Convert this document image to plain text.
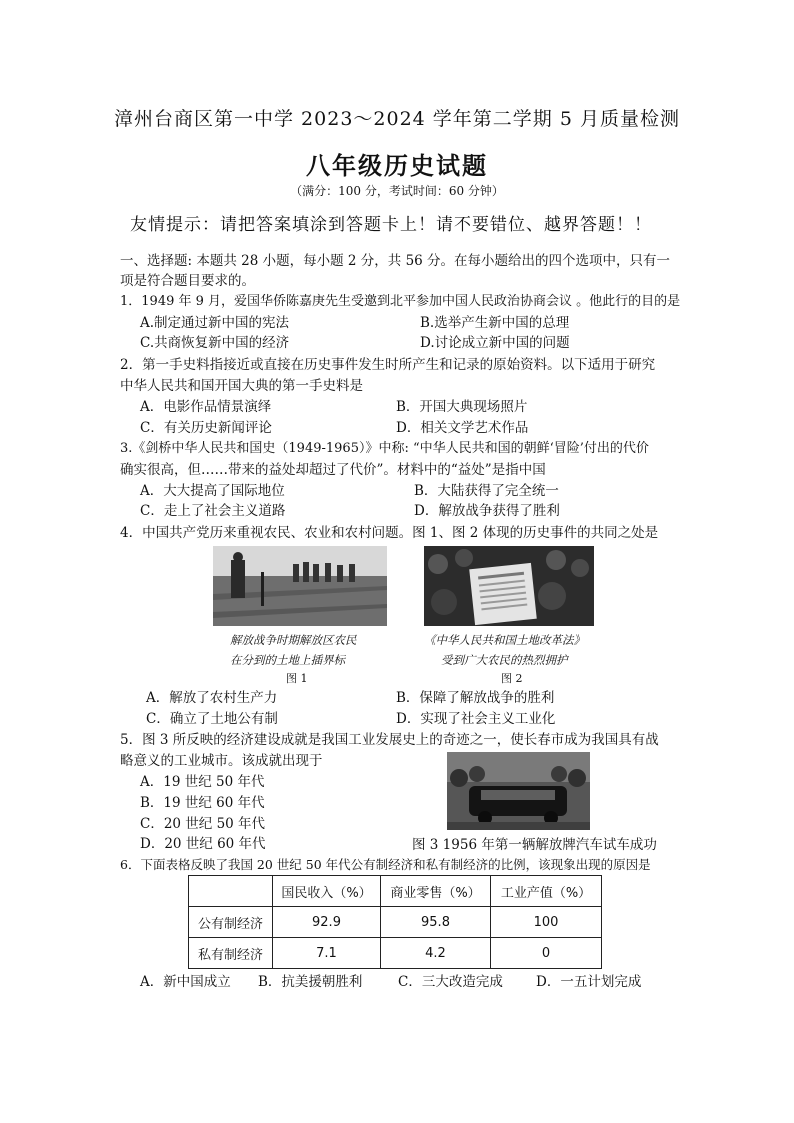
漳州台商区第一中学 2023～2024 学年第二学期 5 月质量检测
八年级历史试题
（满分：100 分，考试时间：60 分钟）
友情提示：请把答案填涂到答题卡上！请不要错位、越界答题！！
一、选择题: 本题共 28 小题，每小题 2 分，共 56 分。在每小题给出的四个选项中，只有一
项是符合题目要求的。
1．1949 年 9 月，爱国华侨陈嘉庚先生受邀到北平参加中国人民政治协商会议 。他此行的目的是
A.制定通过新中国的宪法	B.选举产生新中国的总理
C.共商恢复新中国的经济	D.讨论成立新中国的问题
2．第一手史料指接近或直接在历史事件发生时所产生和记录的原始资料。以下适用于研究
中华人民共和国开国大典的第一手史料是
A．电影作品情景演绎	B．开国大典现场照片
C．有关历史新闻评论	D．相关文学艺术作品
3.《剑桥中华人民共和国史（1949-1965）》中称: “中华人民共和国的朝鲜‘冒险’付出的代价
确实很高，但……带来的益处却超过了代价”。材料中的“益处”是指中国
A．大大提高了国际地位	B．大陆获得了完全统一
C．走上了社会主义道路	D．解放战争获得了胜利
4．中国共产党历来重视农民、农业和农村问题。图 1、图 2 体现的历史事件的共同之处是
解放战争时期解放区农民
在分到的土地上插界标
图 1
《中华人民共和国土地改革法》
受到广大农民的热烈拥护
图 2
A．解放了农村生产力	B．保障了解放战争的胜利
C．确立了土地公有制	D．实现了社会主义工业化
5．图 3 所反映的经济建设成就是我国工业发展史上的奇迹之一，使长春市成为我国具有战
略意义的工业城市。该成就出现于
A．19 世纪 50 年代
B．19 世纪 60 年代
C．20 世纪 50 年代
D．20 世纪 60 年代	图 3 1956 年第一辆解放牌汽车试车成功
6．下面表格反映了我国 20 世纪 50 年代公有制经济和私有制经济的比例，该现象出现的原因是
	国民收入（%）	商业零售（%）	工业产值（%）
公有制经济	92.9	95.8	100
私有制经济	7.1	4.2	0
A．新中国成立 B．抗美援朝胜利	C．三大改造完成 D．一五计划完成
